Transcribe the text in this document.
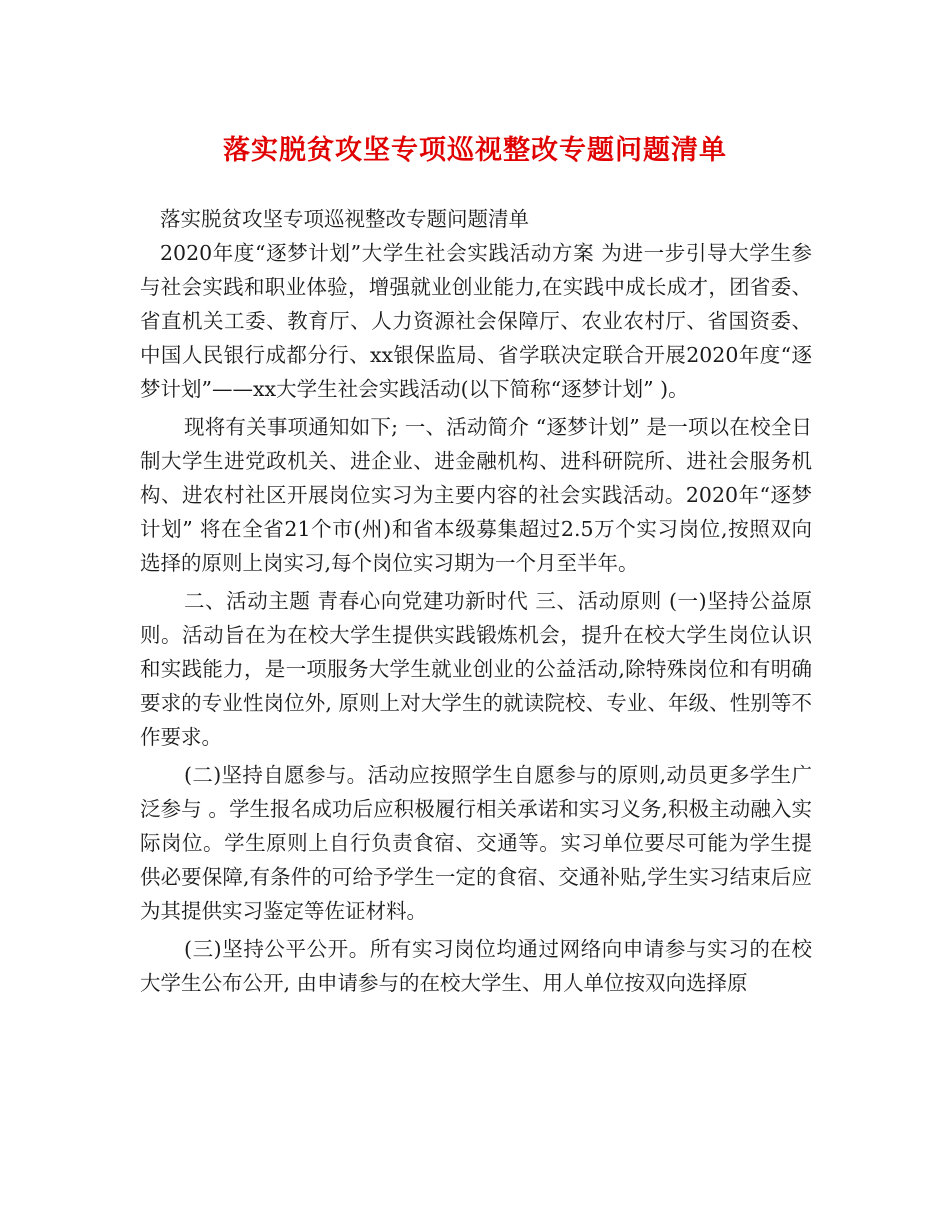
落实脱贫攻坚专项巡视整改专题问题清单

落实脱贫攻坚专项巡视整改专题问题清单

2020年度“逐梦计划”大学生社会实践活动方案 为进一步引导大学生参与社会实践和职业体验，增强就业创业能力,在实践中成长成才，团省委、省直机关工委、教育厅、人力资源社会保障厅、农业农村厅、省国资委、中国人民银行成都分行、xx银保监局、省学联决定联合开展2020年度“逐梦计划”——xx大学生社会实践活动(以下简称“逐梦计划” )。

现将有关事项通知如下; 一、活动简介 “逐梦计划” 是一项以在校全日制大学生进党政机关、进企业、进金融机构、进科研院所、进社会服务机构、进农村社区开展岗位实习为主要内容的社会实践活动。2020年“逐梦计划” 将在全省21个市(州)和省本级募集超过2.5万个实习岗位,按照双向选择的原则上岗实习,每个岗位实习期为一个月至半年。

二、活动主题 青春心向党建功新时代 三、活动原则 (一)坚持公益原则。活动旨在为在校大学生提供实践锻炼机会，提升在校大学生岗位认识和实践能力，是一项服务大学生就业创业的公益活动,除特殊岗位和有明确要求的专业性岗位外, 原则上对大学生的就读院校、专业、年级、性别等不作要求。

(二)坚持自愿参与。活动应按照学生自愿参与的原则,动员更多学生广泛参与 。学生报名成功后应积极履行相关承诺和实习义务,积极主动融入实际岗位。学生原则上自行负责食宿、交通等。实习单位要尽可能为学生提供必要保障,有条件的可给予学生一定的食宿、交通补贴,学生实习结束后应为其提供实习鉴定等佐证材料。

(三)坚持公平公开。所有实习岗位均通过网络向申请参与实习的在校大学生公布公开, 由申请参与的在校大学生、用人单位按双向选择原
